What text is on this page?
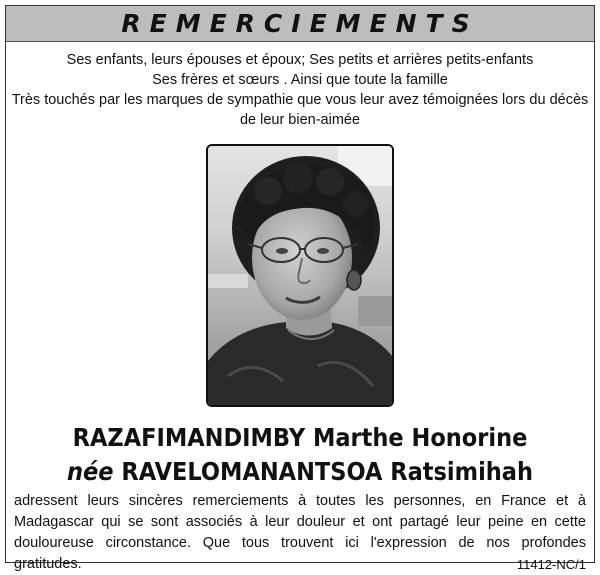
REMERCIEMENTS
Ses enfants, leurs épouses et époux; Ses petits et arrières petits-enfants
Ses frères et sœurs . Ainsi que toute la famille
Très touchés par les marques de sympathie que vous leur avez témoignées lors du décès
de leur bien-aimée
RAZAFIMANDIMBY Marthe Honorine
née RAVELOMANANTSOA Ratsimihah
adressent leurs sincères remerciements à toutes les personnes, en France et à Madagascar qui se sont associés à leur douleur et ont partagé leur peine en cette douloureuse circonstance. Que tous trouvent ici l'expression de nos profondes gratitudes.	11412-NC/1
